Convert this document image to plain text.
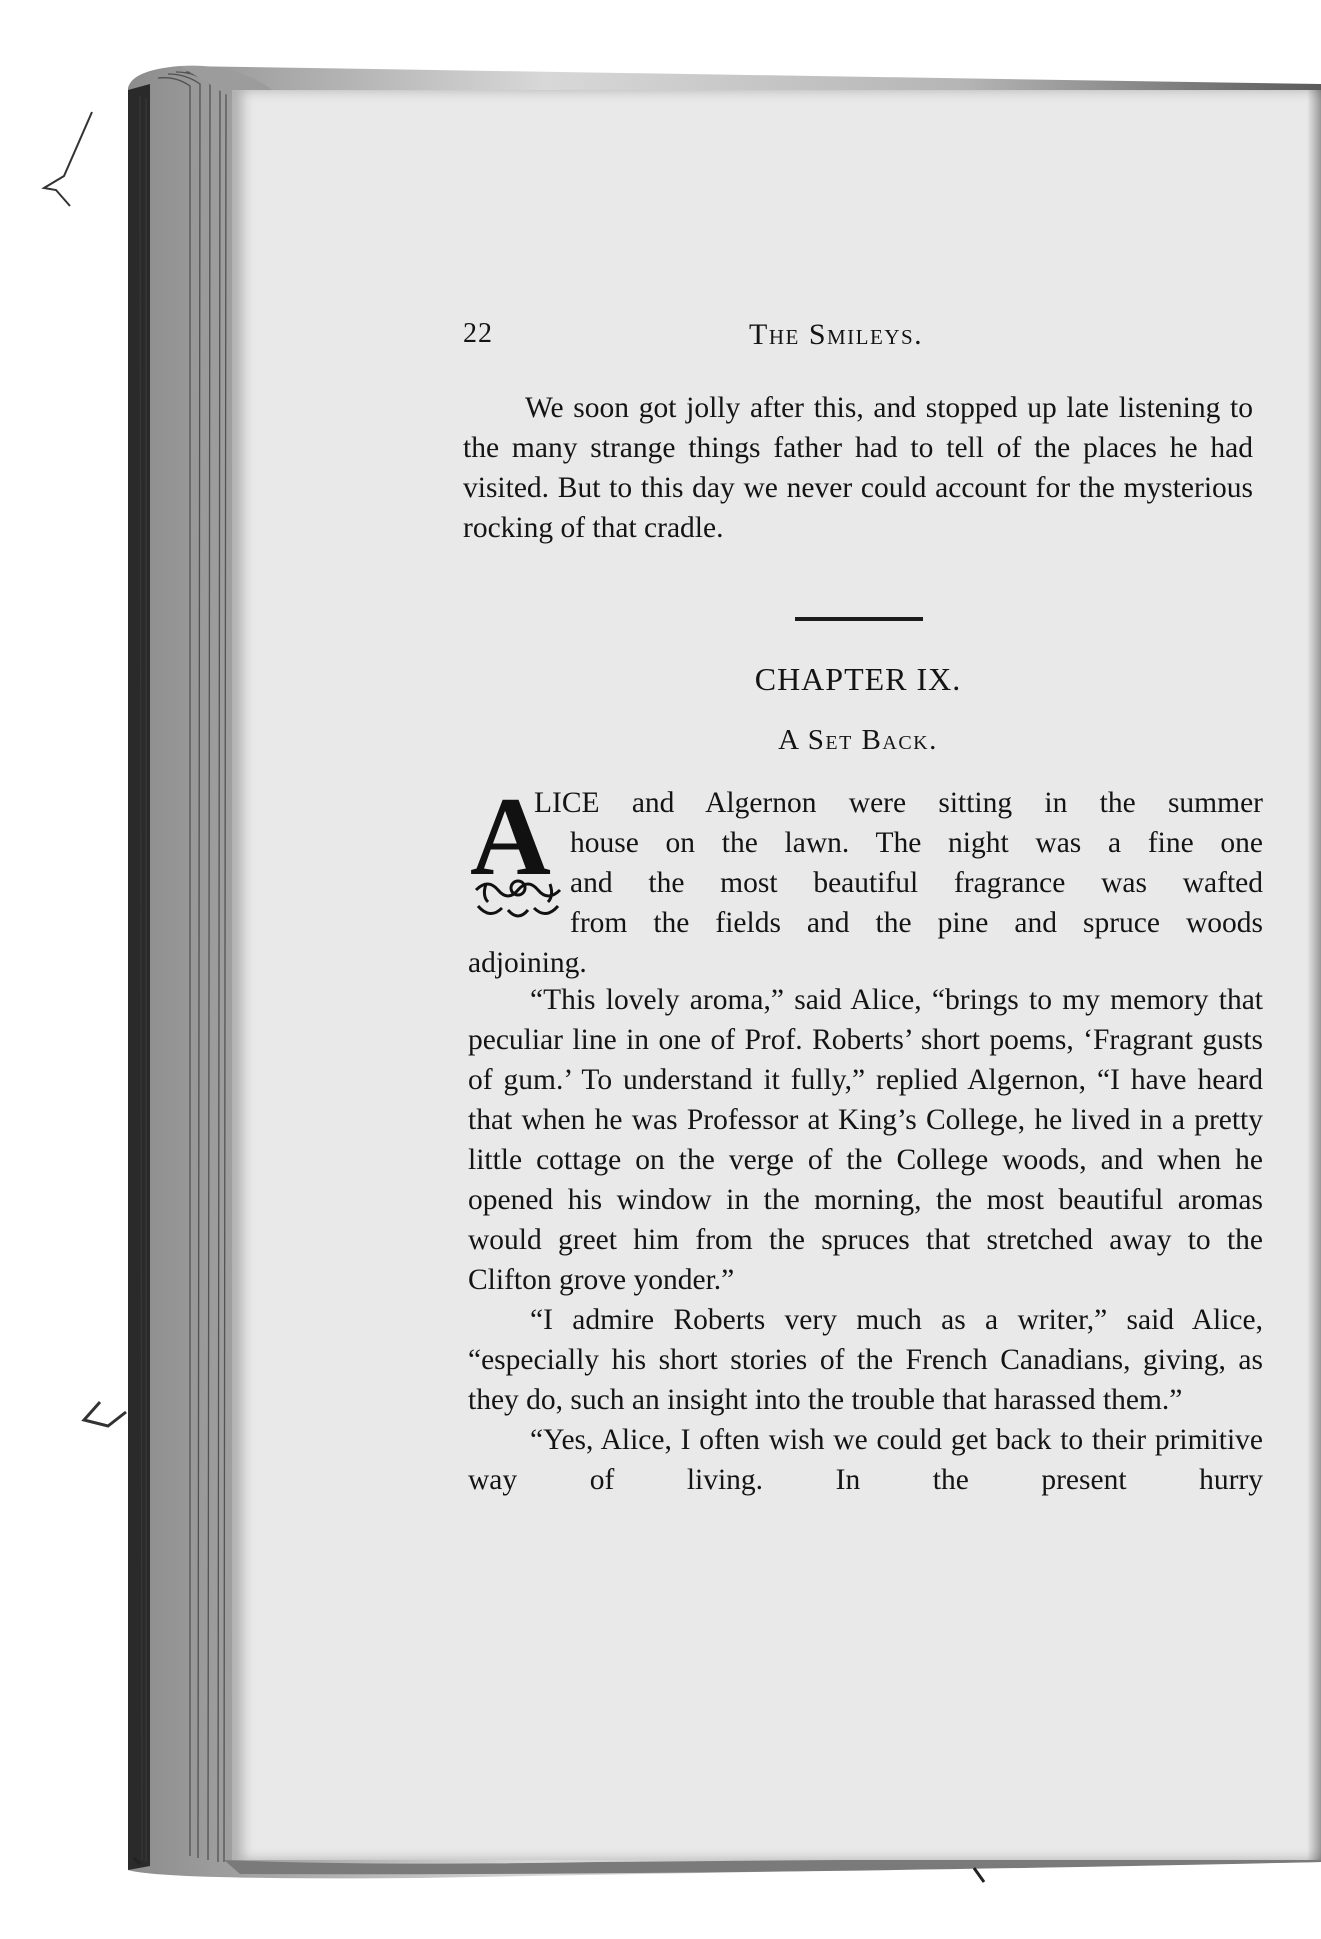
22	The Smileys.

We soon got jolly after this, and stopped up late listening to the many strange things father had to tell of the places he had visited. But to this day we never could account for the mysterious rocking of that cradle.

CHAPTER IX.
A Set Back.
A
LICE and Algernon were sitting in the summer
house on the lawn. The night was a fine one
and the most beautiful fragrance was wafted
from the fields and the pine and spruce woods
adjoining.

“This lovely aroma,” said Alice, “brings to my memory that peculiar line in one of Prof. Roberts’ short poems, ‘Fragrant gusts of gum.’ To understand it fully,” replied Algernon, “I have heard that when he was Professor at King’s College, he lived in a pretty little cottage on the verge of the College woods, and when he opened his window in the morning, the most beautiful aromas would greet him from the spruces that stretched away to the Clifton grove yonder.”

“I admire Roberts very much as a writer,” said Alice, “especially his short stories of the French Canadians, giving, as they do, such an insight into the trouble that harassed them.”

“Yes, Alice, I often wish we could get back to their primitive way of living. In the present hurry
